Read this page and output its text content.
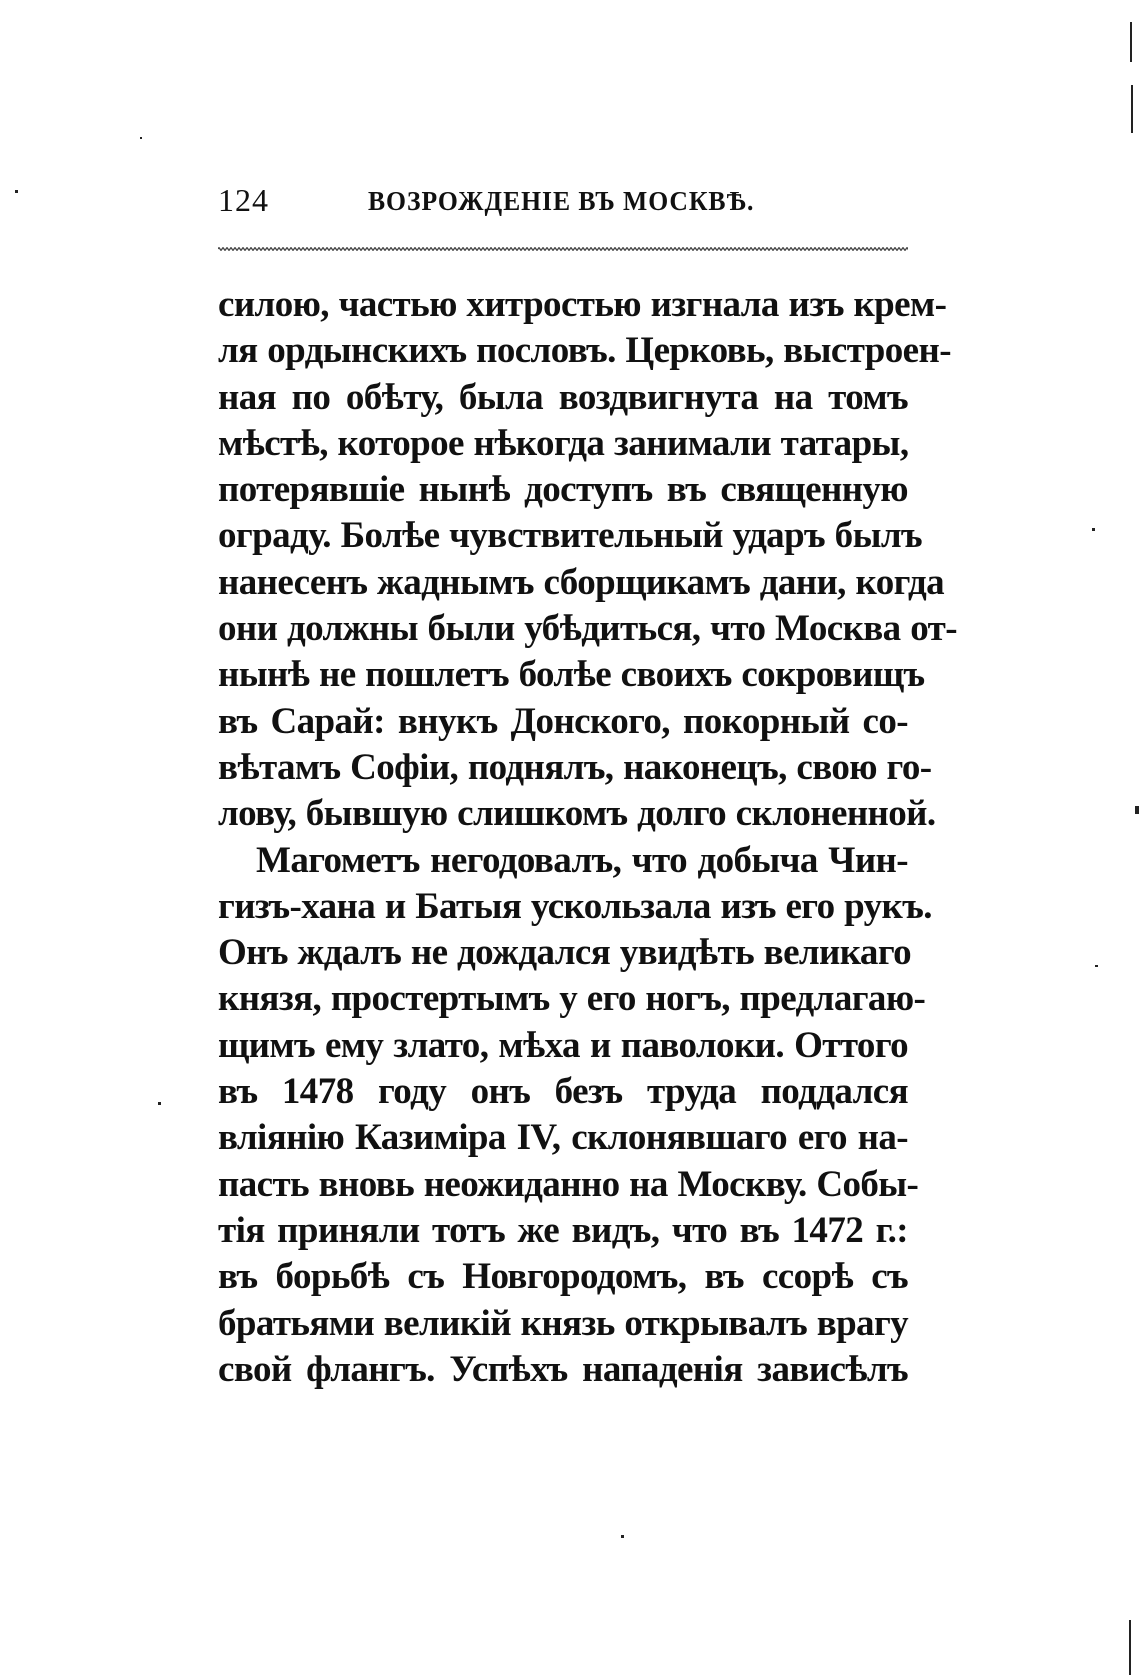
124	ВОЗРОЖДЕНІЕ ВЪ МОСКВѢ.
силою, частью хитростью изгнала изъ крем-
ля ордынскихъ пословъ. Церковь, выстроен-
ная по обѣту, была воздвигнута на томъ
мѣстѣ, которое нѣкогда занимали татары,
потерявшіе нынѣ доступъ въ священную
ограду. Болѣе чувствительный ударъ былъ
нанесенъ жаднымъ сборщикамъ дани, когда
они должны были убѣдиться, что Москва от-
нынѣ не пошлетъ болѣе своихъ сокровищъ
въ Сарай: внукъ Донского, покорный со-
вѣтамъ Софіи, поднялъ, наконецъ, свою го-
лову, бывшую слишкомъ долго склоненной.
Магометъ негодовалъ, что добыча Чин-
гизъ-хана и Батыя ускользала изъ его рукъ.
Онъ ждалъ не дождался увидѣть великаго
князя, простертымъ у его ногъ, предлагаю-
щимъ ему злато, мѣха и паволоки. Оттого
въ 1478 году онъ безъ труда поддался
вліянію Казиміра IV, склонявшаго его на-
пасть вновь неожиданно на Москву. Собы-
тія приняли тотъ же видъ, что въ 1472 г.:
въ борьбѣ съ Новгородомъ, въ ссорѣ съ
братьями великій князь открывалъ врагу
свой флангъ. Успѣхъ нападенія зависѣлъ
